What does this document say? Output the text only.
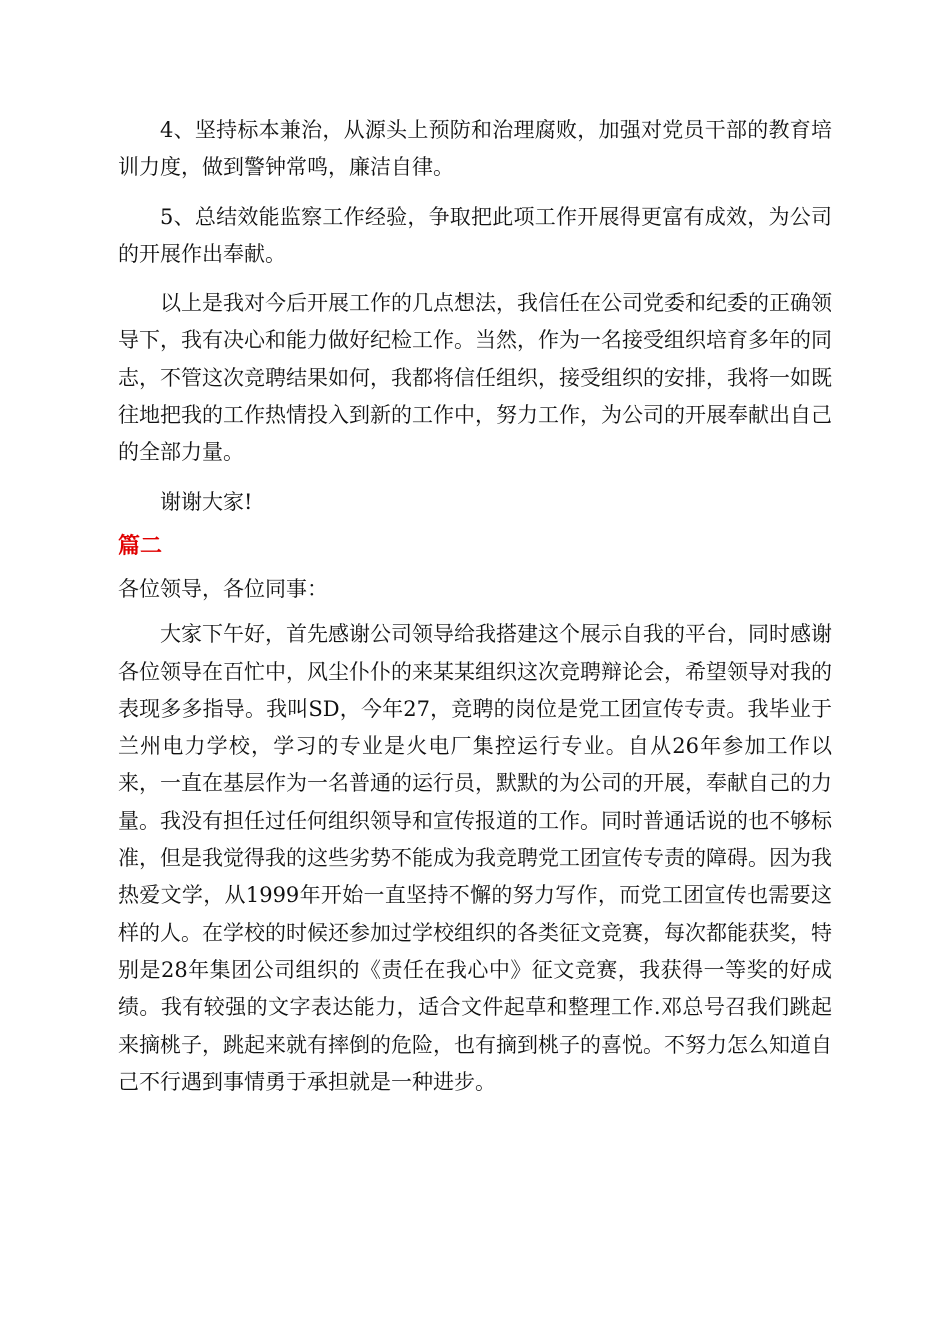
4、坚持标本兼治，从源头上预防和治理腐败，加强对党员干部的教育培训力度，做到警钟常鸣，廉洁自律。

5、总结效能监察工作经验，争取把此项工作开展得更富有成效，为公司的开展作出奉献。

以上是我对今后开展工作的几点想法，我信任在公司党委和纪委的正确领导下，我有决心和能力做好纪检工作。当然，作为一名接受组织培育多年的同志，不管这次竞聘结果如何，我都将信任组织，接受组织的安排，我将一如既往地把我的工作热情投入到新的工作中，努力工作，为公司的开展奉献出自己的全部力量。

谢谢大家!

篇二

各位领导，各位同事：

大家下午好，首先感谢公司领导给我搭建这个展示自我的平台，同时感谢各位领导在百忙中，风尘仆仆的来某某组织这次竞聘辩论会，希望领导对我的表现多多指导。我叫SD，今年27，竞聘的岗位是党工团宣传专责。我毕业于兰州电力学校，学习的专业是火电厂集控运行专业。自从26年参加工作以来，一直在基层作为一名普通的运行员，默默的为公司的开展，奉献自己的力量。我没有担任过任何组织领导和宣传报道的工作。同时普通话说的也不够标准，但是我觉得我的这些劣势不能成为我竞聘党工团宣传专责的障碍。因为我热爱文学，从1999年开始一直坚持不懈的努力写作，而党工团宣传也需要这样的人。在学校的时候还参加过学校组织的各类征文竞赛，每次都能获奖，特别是28年集团公司组织的《责任在我心中》征文竞赛，我获得一等奖的好成绩。我有较强的文字表达能力，适合文件起草和整理工作.邓总号召我们跳起来摘桃子，跳起来就有摔倒的危险，也有摘到桃子的喜悦。不努力怎么知道自己不行遇到事情勇于承担就是一种进步。
